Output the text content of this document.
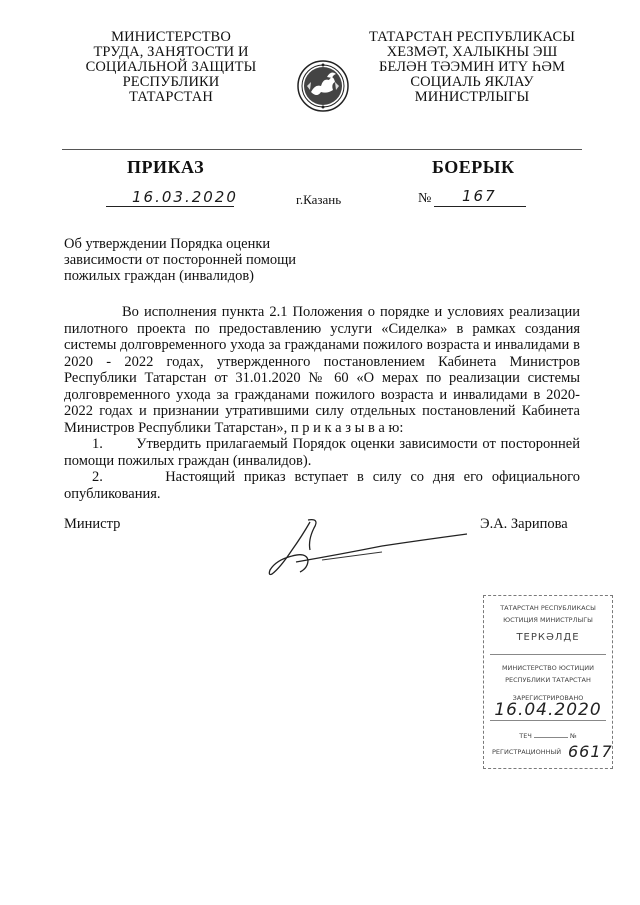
МИНИСТЕРСТВО
ТРУДА, ЗАНЯТОСТИ И
СОЦИАЛЬНОЙ ЗАЩИТЫ
РЕСПУБЛИКИ
ТАТАРСТАН
ТАТАРСТАН РЕСПУБЛИКАСЫ
ХЕЗМӘТ, ХАЛЫКНЫ ЭШ
БЕЛӘН ТӘЭМИН ИТҮ ҺӘМ
СОЦИАЛЬ ЯКЛАУ
МИНИСТРЛЫГЫ
ПРИКАЗ	БОЕРЫК
16.03.2020	г.Казань	№ 167
Об утверждении Порядка оценки
зависимости от посторонней помощи
пожилых граждан (инвалидов)

Во исполнения пункта 2.1 Положения о порядке и условиях реализации пилотного проекта по предоставлению услуги «Сиделка» в рамках создания системы долговременного ухода за гражданами пожилого возраста и инвалидами в 2020 - 2022 годах, утвержденного постановлением Кабинета Министров Республики Татарстан от 31.01.2020 № 60 «О мерах по реализации системы долговременного ухода за гражданами пожилого возраста и инвалидами в 2020-2022 годах и признании утратившими силу отдельных постановлений Кабинета Министров Республики Татарстан», п р и к а з ы в а ю:

1. Утвердить прилагаемый Порядок оценки зависимости от посторонней помощи пожилых граждан (инвалидов).

2.	Настоящий приказ вступает в силу со дня его официального опубликования.

Министр	Э.А. Зарипова
ТАТАРСТАН РЕСПУБЛИКАСЫ
ЮСТИЦИЯ МИНИСТРЛЫГЫ
ТЕРКӘЛДЕ
МИНИСТЕРСТВО ЮСТИЦИИ
РЕСПУБЛИКИ ТАТАРСТАН
ЗАРЕГИСТРИРОВАНО
16.04.2020
ТЕЧ	№
РЕГИСТРАЦИОННЫЙ 6617
